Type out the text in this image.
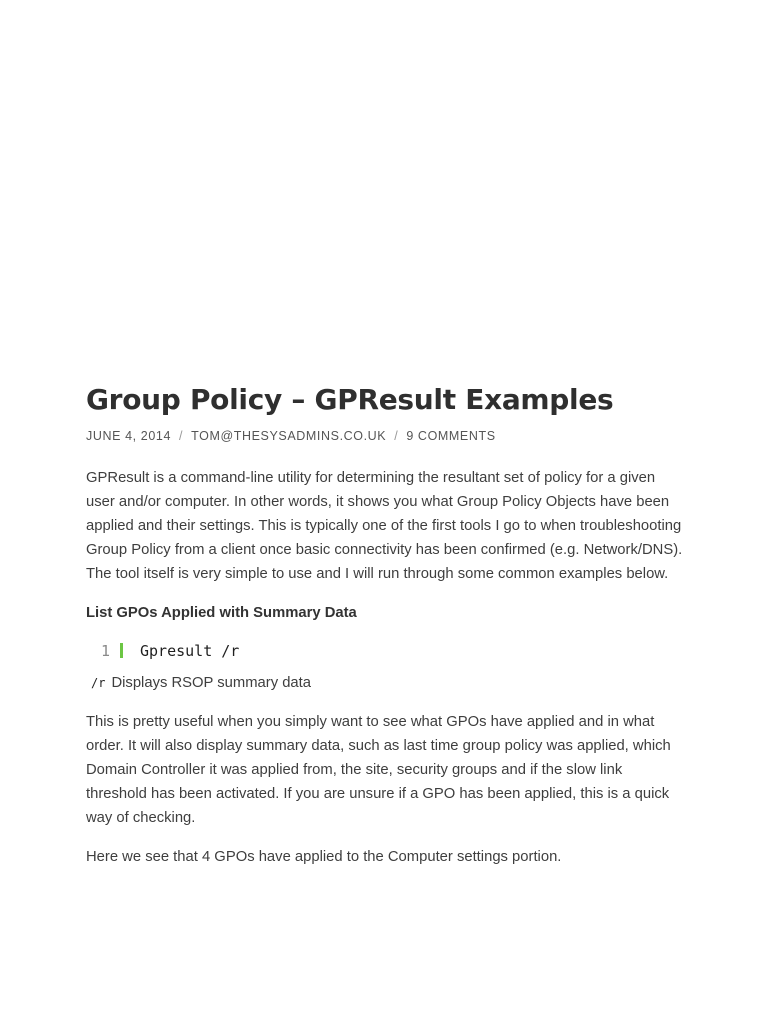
Group Policy – GPResult Examples
JUNE 4, 2014 / TOM@THESYSADMINS.CO.UK / 9 COMMENTS

GPResult is a command-line utility for determining the resultant set of policy for a given user and/or computer. In other words, it shows you what Group Policy Objects have been applied and their settings. This is typically one of the first tools I go to when troubleshooting Group Policy from a client once basic connectivity has been confirmed (e.g. Network/DNS). The tool itself is very simple to use and I will run through some common examples below.

List GPOs Applied with Summary Data

1 Gpresult /r

/r Displays RSOP summary data

This is pretty useful when you simply want to see what GPOs have applied and in what order. It will also display summary data, such as last time group policy was applied, which Domain Controller it was applied from, the site, security groups and if the slow link threshold has been activated. If you are unsure if a GPO has been applied, this is a quick way of checking.

Here we see that 4 GPOs have applied to the Computer settings portion.
